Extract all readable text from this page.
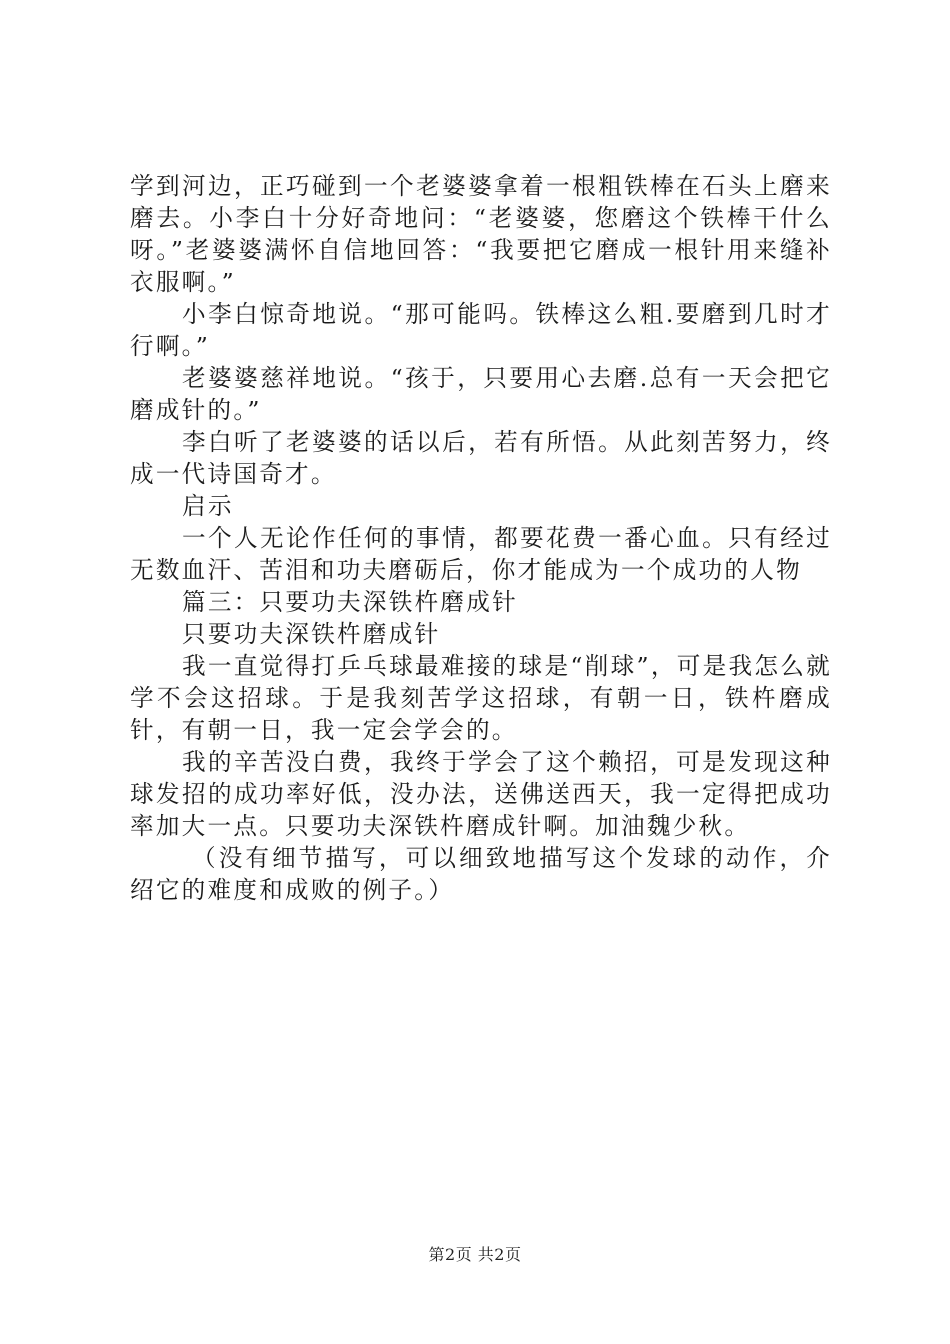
学到河边，正巧碰到一个老婆婆拿着一根粗铁棒在石头上磨来磨去。小李白十分好奇地问：“老婆婆，您磨这个铁棒干什么呀。”老婆婆满怀自信地回答：“我要把它磨成一根针用来缝补衣服啊。”

小李白惊奇地说。“那可能吗。铁棒这么粗.要磨到几时才行啊。”

老婆婆慈祥地说。“孩于，只要用心去磨.总有一天会把它磨成针的。”

李白听了老婆婆的话以后，若有所悟。从此刻苦努力，终成一代诗国奇才。

启示

一个人无论作任何的事情，都要花费一番心血。只有经过无数血汗、苦泪和功夫磨砺后，你才能成为一个成功的人物

篇三：只要功夫深铁杵磨成针

只要功夫深铁杵磨成针

我一直觉得打乒乓球最难接的球是“削球”，可是我怎么就学不会这招球。于是我刻苦学这招球，有朝一日，铁杵磨成针，有朝一日，我一定会学会的。

我的辛苦没白费，我终于学会了这个赖招，可是发现这种球发招的成功率好低，没办法，送佛送西天，我一定得把成功率加大一点。只要功夫深铁杵磨成针啊。加油魏少秋。

（没有细节描写，可以细致地描写这个发球的动作，介绍它的难度和成败的例子。）

第2页 共2页
